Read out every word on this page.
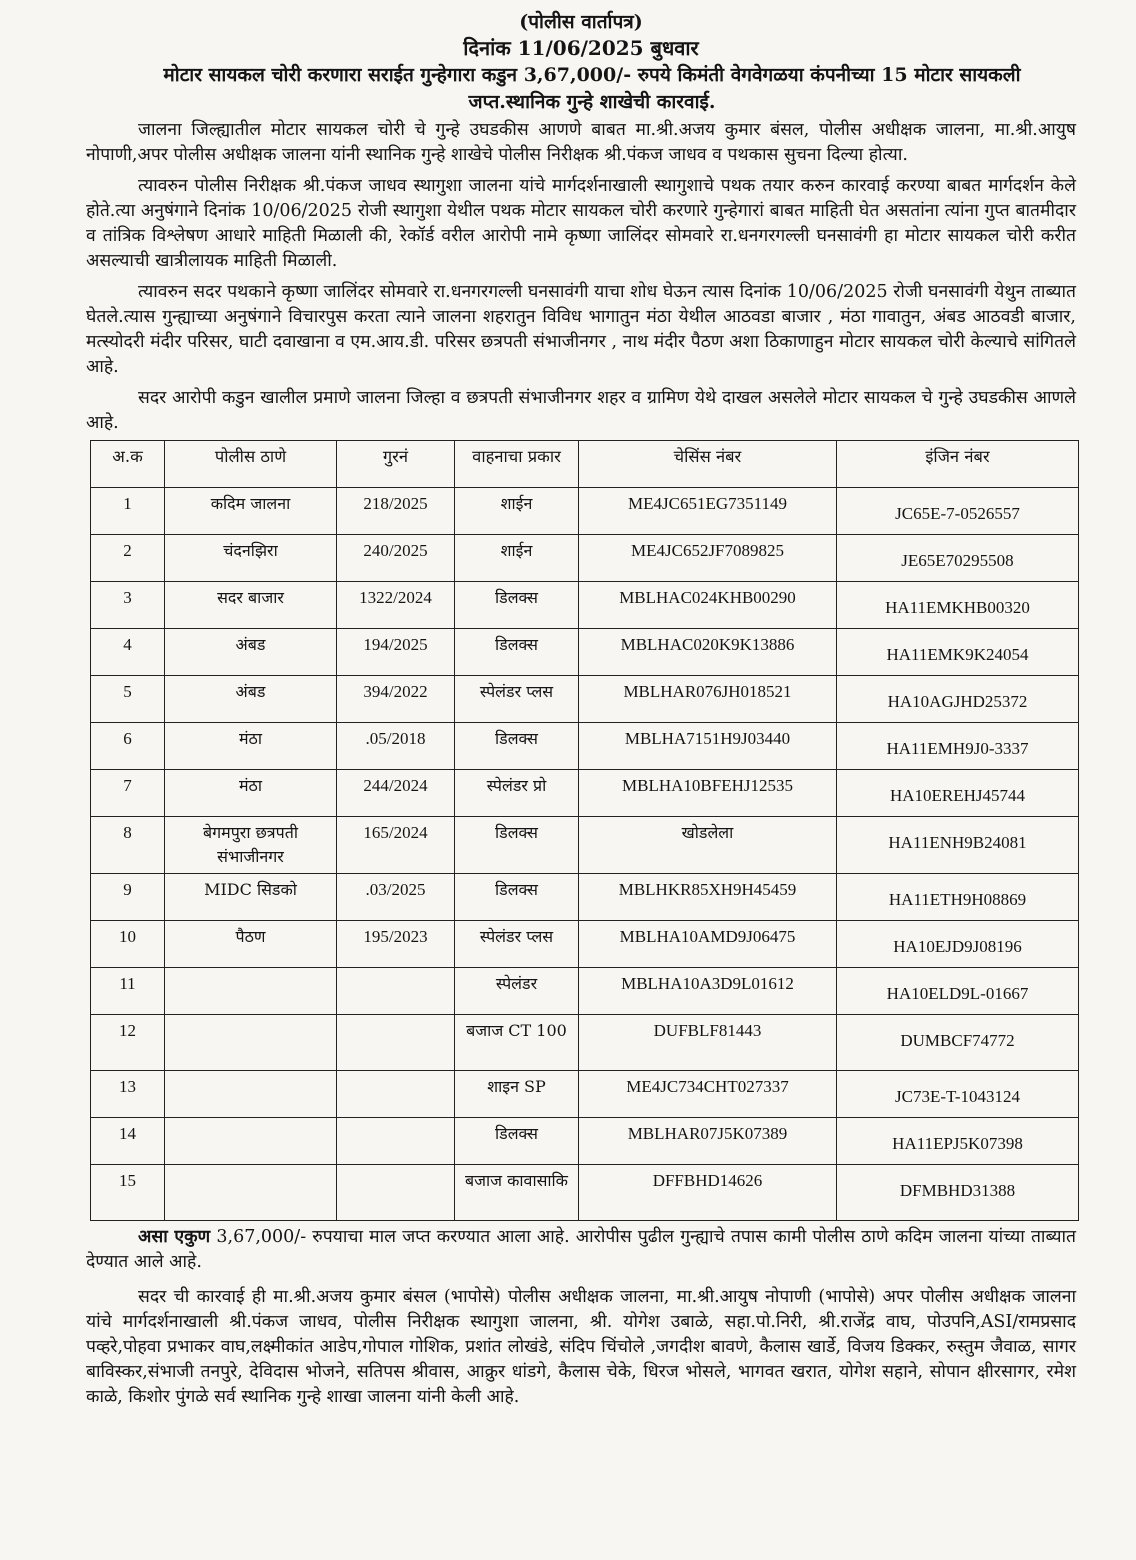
(पोलीस वार्तापत्र)
दिनांक 11/06/2025 बुधवार
मोटार सायकल चोरी करणारा सराईत गुन्हेगारा कडुन 3,67,000/- रुपये किमंती वेगवेगळया कंपनीच्या 15 मोटार सायकली जप्त.स्थानिक गुन्हे शाखेची कारवाई.

जालना जिल्ह्यातील मोटार सायकल चोरी चे गुन्हे उघडकीस आणणे बाबत मा.श्री.अजय कुमार बंसल, पोलीस अधीक्षक जालना, मा.श्री.आयुष नोपाणी,अपर पोलीस अधीक्षक जालना यांनी स्थानिक गुन्हे शाखेचे पोलीस निरीक्षक श्री.पंकज जाधव व पथकास सुचना दिल्या होत्या.

त्यावरुन पोलीस निरीक्षक श्री.पंकज जाधव स्थागुशा जालना यांचे मार्गदर्शनाखाली स्थागुशाचे पथक तयार करुन कारवाई करण्या बाबत मार्गदर्शन केले होते.त्या अनुषंगाने दिनांक 10/06/2025 रोजी स्थागुशा येथील पथक मोटार सायकल चोरी करणारे गुन्हेगारां बाबत माहिती घेत असतांना त्यांना गुप्त बातमीदार व तांत्रिक विश्लेषण आधारे माहिती मिळाली की, रेकॉर्ड वरील आरोपी नामे कृष्णा जालिंदर सोमवारे रा.धनगरगल्ली घनसावंगी हा मोटार सायकल चोरी करीत असल्याची खात्रीलायक माहिती मिळाली.

त्यावरुन सदर पथकाने कृष्णा जालिंदर सोमवारे रा.धनगरगल्ली घनसावंगी याचा शोध घेऊन त्यास दिनांक 10/06/2025 रोजी घनसावंगी येथुन ताब्यात घेतले.त्यास गुन्ह्याच्या अनुषंगाने विचारपुस करता त्याने जालना शहरातुन विविध भागातुन मंठा येथील आठवडा बाजार , मंठा गावातुन, अंबड आठवडी बाजार, मत्स्योदरी मंदीर परिसर, घाटी दवाखाना व एम.आय.डी. परिसर छत्रपती संभाजीनगर , नाथ मंदीर पैठण अशा ठिकाणाहुन मोटार सायकल चोरी केल्याचे सांगितले आहे.

सदर आरोपी कडुन खालील प्रमाणे जालना जिल्हा व छत्रपती संभाजीनगर शहर व ग्रामिण येथे दाखल असलेले मोटार सायकल चे गुन्हे उघडकीस आणले आहे.

अ.क	पोलीस ठाणे	गुरनं	वाहनाचा प्रकार	चेसिंस नंबर	इंजिन नंबर
1	कदिम जालना	218/2025	शाईन	ME4JC651EG7351149	JC65E-7-0526557
2	चंदनझिरा	240/2025	शाईन	ME4JC652JF7089825	JE65E70295508
3	सदर बाजार	1322/2024	डिलक्स	MBLHAC024KHB00290	HA11EMKHB00320
4	अंबड	194/2025	डिलक्स	MBLHAC020K9K13886	HA11EMK9K24054
5	अंबड	394/2022	स्पेलंडर प्लस	MBLHAR076JH018521	HA10AGJHD25372
6	मंठा	.05/2018	डिलक्स	MBLHA7151H9J03440	HA11EMH9J0-3337
7	मंठा	244/2024	स्पेलंडर प्रो	MBLHA10BFEHJ12535	HA10EREHJ45744
8	बेगमपुरा छत्रपती संभाजीनगर	165/2024	डिलक्स	खोडलेला	HA11ENH9B24081
9	MIDC सिडको	.03/2025	डिलक्स	MBLHKR85XH9H45459	HA11ETH9H08869
10	पैठण	195/2023	स्पेलंडर प्लस	MBLHA10AMD9J06475	HA10EJD9J08196
11			स्पेलंडर	MBLHA10A3D9L01612	HA10ELD9L-01667
12			बजाज CT 100	DUFBLF81443	DUMBCF74772
13			शाइन SP	ME4JC734CHT027337	JC73E-T-1043124
14			डिलक्स	MBLHAR07J5K07389	HA11EPJ5K07398
15			बजाज कावासाकि	DFFBHD14626	DFMBHD31388

असा एकुण 3,67,000/- रुपयाचा माल जप्त करण्यात आला आहे. आरोपीस पुढील गुन्ह्याचे तपास कामी पोलीस ठाणे कदिम जालना यांच्या ताब्यात देण्यात आले आहे.

सदर ची कारवाई ही मा.श्री.अजय कुमार बंसल (भापोसे) पोलीस अधीक्षक जालना, मा.श्री.आयुष नोपाणी (भापोसे) अपर पोलीस अधीक्षक जालना यांचे मार्गदर्शनाखाली श्री.पंकज जाधव, पोलीस निरीक्षक स्थागुशा जालना, श्री. योगेश उबाळे, सहा.पो.निरी, श्री.राजेंद्र वाघ, पोउपनि,ASI/रामप्रसाद पव्हरे,पोहवा प्रभाकर वाघ,लक्ष्मीकांत आडेप,गोपाल गोशिक, प्रशांत लोखंडे, संदिप चिंचोले ,जगदीश बावणे, कैलास खार्डे, विजय डिक्कर, रुस्तुम जैवाळ, सागर बाविस्कर,संभाजी तनपुरे, देविदास भोजने, सतिपस श्रीवास, आक्रुर धांडगे, कैलास चेके, धिरज भोसले, भागवत खरात, योगेश सहाने, सोपान क्षीरसागर, रमेश काळे, किशोर पुंगळे सर्व स्थानिक गुन्हे शाखा जालना यांनी केली आहे.
